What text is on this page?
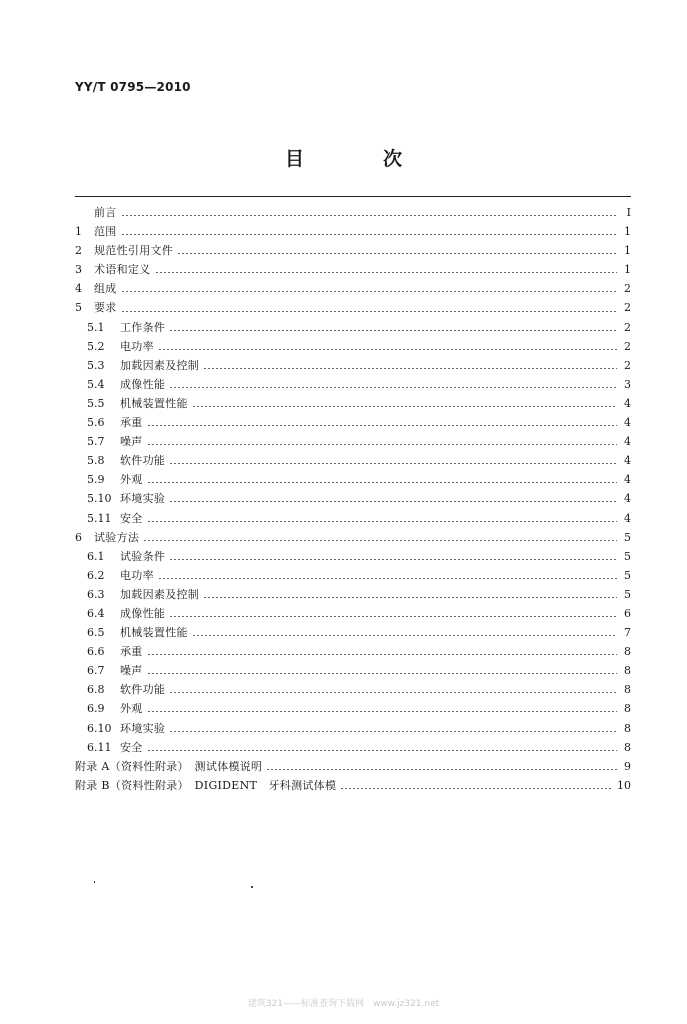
YY/T 0795—2010
目　次
前言	Ⅰ
1	范围	1
2	规范性引用文件	1
3	术语和定义	1
4	组成	2
5	要求	2
5.1	工作条件	2
5.2	电功率	2
5.3	加载因素及控制	2
5.4	成像性能	3
5.5	机械装置性能	4
5.6	承重	4
5.7	噪声	4
5.8	软件功能	4
5.9	外观	4
5.10 环境实验	4
5.11 安全	4
6	试验方法	5
6.1	试验条件	5
6.2	电功率	5
6.3	加载因素及控制	5
6.4	成像性能	6
6.5	机械装置性能	7
6.6	承重	8
6.7	噪声	8
6.8	软件功能	8
6.9	外观	8
6.10 环境实验	8
6.11 安全	8
附录 A（资料性附录）　测试体模说明	9
附录 B（资料性附录）　DIGIDENT　牙科测试体模	10
建筑321——标准查询下载网　www.jz321.net
